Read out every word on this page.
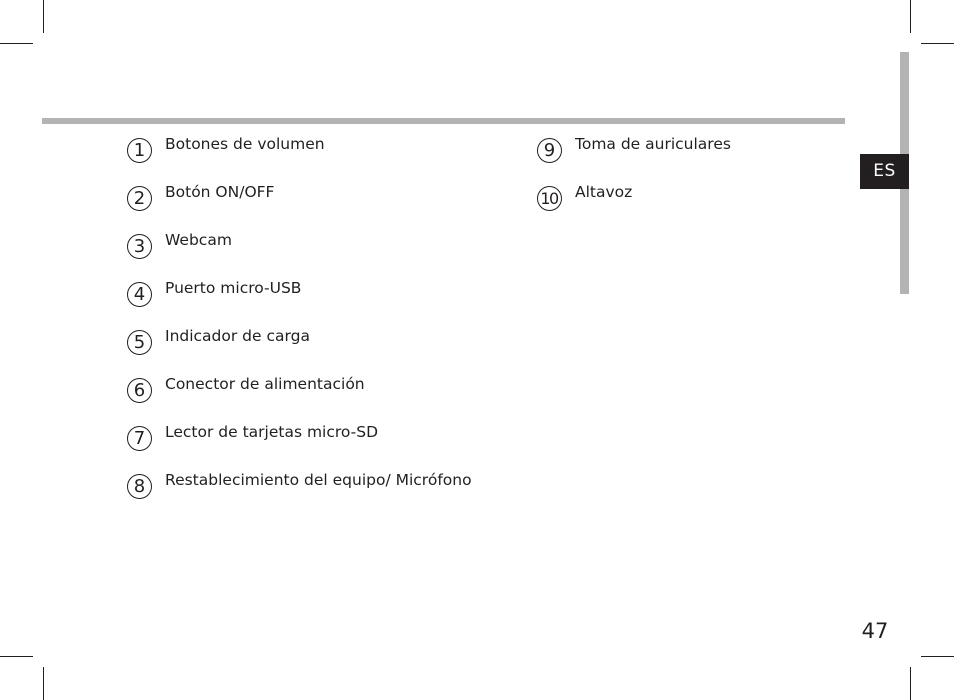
ES
1	Botones de volumen
2	Botón ON/OFF
3	Webcam
4	Puerto micro-USB
5	Indicador de carga
6	Conector de alimentación
7	Lector de tarjetas micro-SD
8	Restablecimiento del equipo/ Micrófono
9	Toma de auriculares
10 Altavoz
47
